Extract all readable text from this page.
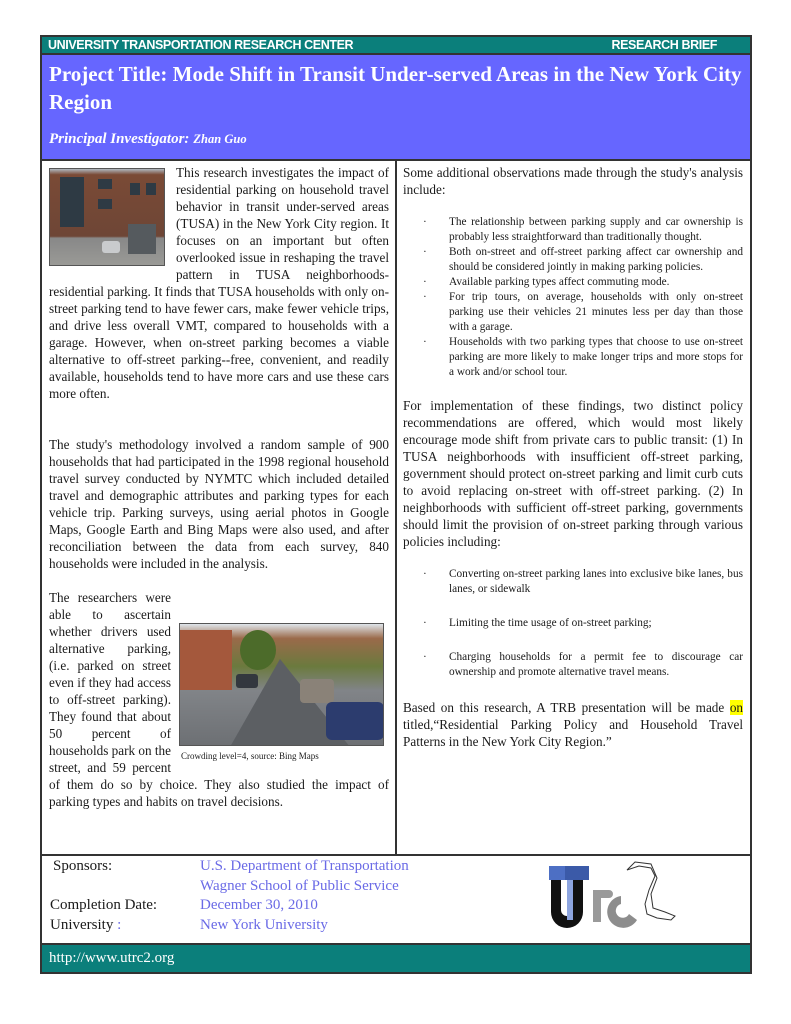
UNIVERSITY TRANSPORTATION RESEARCH CENTER	RESEARCH BRIEF
Project Title: Mode Shift in Transit Under-served Areas in the New York City Region
Principal Investigator: Zhan Guo

This research investigates the impact of residential parking on household travel behavior in transit under-served areas (TUSA) in the New York City region. It focuses on an important but often overlooked issue in reshaping the travel pattern in TUSA neighborhoods- residential parking. It finds that TUSA households with only on-street parking tend to have fewer cars, make fewer vehicle trips, and drive less overall VMT, compared to households with a garage. However, when on-street parking becomes a viable alternative to off-street parking--free, convenient, and readily available, households tend to have more cars and use these cars more often.

The study's methodology involved a random sample of 900 households that had participated in the 1998 regional household travel survey conducted by NYMTC which included detailed travel and demographic attributes and parking types for each vehicle trip. Parking surveys, using aerial photos in Google Maps, Google Earth and Bing Maps were also used, and after reconciliation between the data from each survey, 840 households were included in the analysis.

Crowding level=4, source: Bing Maps

The researchers were able to ascertain whether drivers used alternative parking, (i.e. parked on street even if they had access to off-street parking). They found that about 50 percent of households park on the street, and 59 percent of them do so by choice. They also studied the impact of parking types and habits on travel decisions.

Some additional observations made through the study's analysis include:
· The relationship between parking supply and car ownership is probably less straightforward than traditionally thought.
· Both on-street and off-street parking affect car ownership and should be considered jointly in making parking policies.
· Available parking types affect commuting mode.
· For trip tours, on average, households with only on-street parking use their vehicles 21 minutes less per day than those with a garage.
· Households with two parking types that choose to use on-street parking are more likely to make longer trips and more stops for a work and/or school tour.

For implementation of these findings, two distinct policy recommendations are offered, which would most likely encourage mode shift from private cars to public transit: (1) In TUSA neighborhoods with insufficient off-street parking, government should protect on-street parking and limit curb cuts to avoid replacing on-street with off-street parking. (2) In neighborhoods with sufficient off-street parking, governments should limit the provision of on-street parking through various policies including:

· Converting on-street parking lanes into exclusive bike lanes, bus lanes, or sidewalk
· Limiting the time usage of on-street parking;
· Charging households for a permit fee to discourage car ownership and promote alternative travel means.

Based on this research, A TRB presentation will be made on titled,“Residential Parking Policy and Household Travel Patterns in the New York City Region.”

Sponsors:
Completion Date:
University :
U.S. Department of Transportation
Wagner School of Public Service
December 30, 2010
New York University
http://www.utrc2.org
